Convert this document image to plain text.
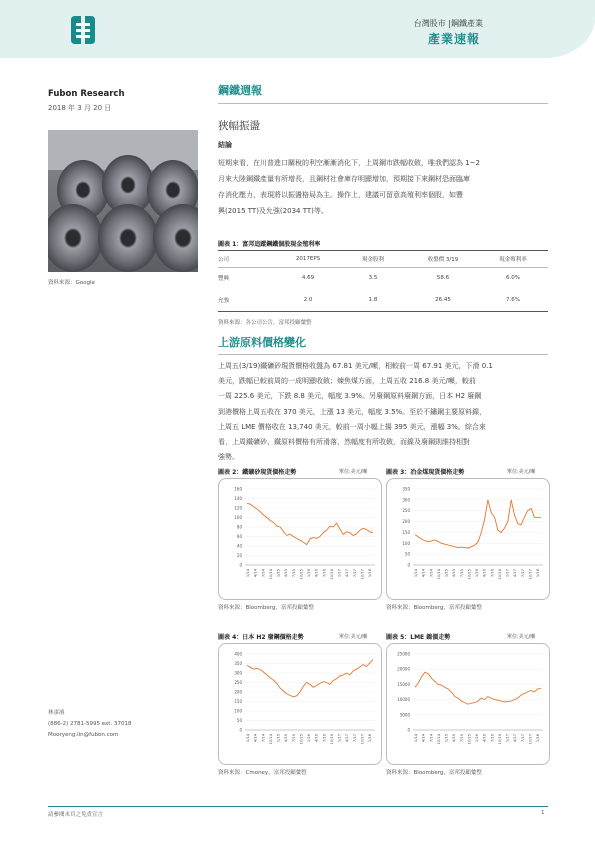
台灣股市 |鋼鐵產業
產業速報
Fubon Research
2018 年 3 月 20 日
資料來源：Google
林彥濬
(886-2) 2781-5995 ext. 37018
Mooryeng.lin@fubon.com
鋼鐵週報
狹幅振盪
結論
短期來看，在川普進口關稅的利空漸漸消化下，上周鋼市跌幅收斂，唯我們認為 1~2
月來大陸鋼鐵產量有所增長，且鋼材社會庫存明顯增加，預期接下來鋼材恐面臨庫
存消化壓力，表現將以振盪格局為主。操作上，建議可留意高殖利率個股，如豐
興(2015 TT)及允強(2034 TT)等。
圖表 1：富邦追蹤鋼鐵個股現金殖利率
公司	2017EPS	現金股利	收盤價 3/19	現金殖利率
豐興	4.69	3.5	58.6	6.0%
允強	2.0	1.8	26.45	7.6%
資料來源：各公司公告，富邦投顧彙整
上游原料價格變化
上周五(3/19)鐵礦砂現貨價格收盤為 67.81 美元/噸，相較前一周 67.91 美元，下滑 0.1
美元，跌幅已較前周的一成明顯收斂；煉焦煤方面，上周五收 216.8 美元/噸，較前
一周 225.6 美元，下跌 8.8 美元，幅度 3.9%。另廢鋼原料廢鋼方面，日本 H2 廢鋼
到港價格上周五收在 370 美元，上漲 13 美元，幅度 3.5%。至於不鏽鋼主要原料鎳，
上周五 LME 價格收在 13,740 美元，較前一周小幅上揚 395 美元，漲幅 3%。綜合來
看，上周鐵礦砂、鐵原料價格有所滑落，然幅度有所收斂，而鎳及廢鋼則維持相對
強勢。
圖表 2：鐵礦砂現貨價格走勢	單位:美元/噸
160
140
120
100
80
60
40
20
0
1/14 4/14 7/14 10/14 1/15 4/15 7/15 10/15 1/16 4/16 7/16 10/16 1/17 4/17 7/17 10/17 1/18
資料來源：Bloomberg，富邦投顧彙整
圖表 3：冶金煤現貨價格走勢	單位:美元/噸
350
300
250
200
150
100
50
0
1/14 4/14 7/14 10/14 1/15 4/15 7/15 10/15 1/16 4/16 7/16 10/16 1/17 4/17 7/17 10/17 1/18
資料來源：Bloomberg，富邦投顧彙整
圖表 4：日本 H2 廢鋼價格走勢	單位:美元/噸
400
350
300
250
200
150
100
50
0
1/14 4/14 7/14 10/14 1/15 4/15 7/15 10/15 1/16 4/16 7/16 10/16 1/17 4/17 7/17 10/17 1/18
資料來源：Cmoney，富邦投顧彙整
圖表 5：LME 鎳價走勢	單位:美元/噸
25000
20000
15000
10000
5000
0
1/14 4/14 7/14 10/14 1/15 4/15 7/15 10/15 1/16 4/16 7/16 10/16 1/17 4/17 7/17 10/17 1/18
資料來源：Bloomberg，富邦投顧彙整
請參閱末頁之免責宣言	1
